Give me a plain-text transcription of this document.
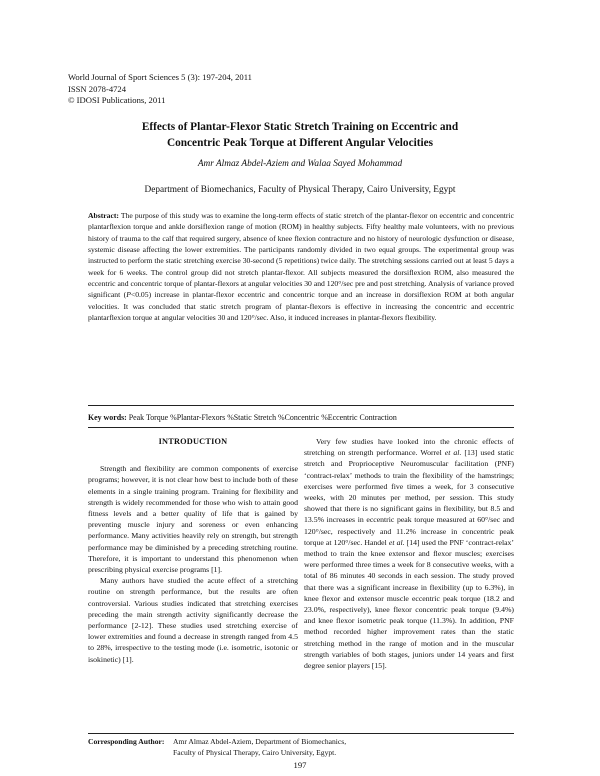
World Journal of Sport Sciences 5 (3): 197-204, 2011
ISSN 2078-4724
© IDOSI Publications, 2011
Effects of Plantar-Flexor Static Stretch Training on Eccentric and
Concentric Peak Torque at Different Angular Velocities
Amr Almaz Abdel-Aziem and Walaa Sayed Mohammad
Department of Biomechanics, Faculty of Physical Therapy, Cairo University, Egypt
Abstract: The purpose of this study was to examine the long-term effects of static stretch of the plantar-flexor on eccentric and concentric plantarflexion torque and ankle dorsiflexion range of motion (ROM) in healthy subjects. Fifty healthy male volunteers, with no previous history of trauma to the calf that required surgery, absence of knee flexion contracture and no history of neurologic dysfunction or disease, systemic disease affecting the lower extremities. The participants randomly divided in two equal groups. The experimental group was instructed to perform the static stretching exercise 30-second (5 repetitions) twice daily. The stretching sessions carried out at least 5 days a week for 6 weeks. The control group did not stretch plantar-flexor. All subjects measured the dorsiflexion ROM, also measured the eccentric and concentric torque of plantar-flexors at angular velocities 30 and 120°/sec pre and post stretching. Analysis of variance proved significant (P<0.05) increase in plantar-flexor eccentric and concentric torque and an increase in dorsiflexion ROM at both angular velocities. It was concluded that static stretch program of plantar-flexors is effective in increasing the concentric and eccentric plantarflexion torque at angular velocities 30 and 120°/sec. Also, it induced increases in plantar-flexors flexibility.
Key words: Peak Torque %Plantar-Flexors %Static Stretch %Concentric %Eccentric Contraction
INTRODUCTION

Strength and flexibility are common components of exercise programs; however, it is not clear how best to include both of these elements in a single training program. Training for flexibility and strength is widely recommended for those who wish to attain good fitness levels and a better quality of life that is gained by preventing muscle injury and soreness or even enhancing performance. Many activities heavily rely on strength, but strength performance may be diminished by a preceding stretching routine. Therefore, it is important to understand this phenomenon when prescribing physical exercise programs [1].

Many authors have studied the acute effect of a stretching routine on strength performance, but the results are often controversial. Various studies indicated that stretching exercises preceding the main strength activity significantly decrease the performance [2-12]. These studies used stretching exercise of lower extremities and found a decrease in strength ranged from 4.5 to 28%, irrespective to the testing mode (i.e. isometric, isotonic or isokinetic) [1].

Very few studies have looked into the chronic effects of stretching on strength performance. Worrel et al. [13] used static stretch and Proprioceptive Neuromuscular facilitation (PNF) ‘contract-relax’ methods to train the flexibility of the hamstrings; exercises were performed five times a week, for 3 consecutive weeks, with 20 minutes per method, per session. This study showed that there is no significant gains in flexibility, but 8.5 and 13.5% increases in eccentric peak torque measured at 60°/sec and 120°/sec, respectively and 11.2% increase in concentric peak torque at 120°/sec. Handel et al. [14] used the PNF ‘contract-relax’ method to train the knee extensor and flexor muscles; exercises were performed three times a week for 8 consecutive weeks, with a total of 86 minutes 40 seconds in each session. The study proved that there was a significant increase in flexibility (up to 6.3%), in knee flexor and extensor muscle eccentric peak torque (18.2 and 23.0%, respectively), knee flexor concentric peak torque (9.4%) and knee flexor isometric peak torque (11.3%). In addition, PNF method recorded higher improvement rates than the static stretching method in the range of motion and in the muscular strength variables of both stages, juniors under 14 years and first degree senior players [15].

Corresponding Author: Amr Almaz Abdel-Aziem, Department of Biomechanics,
Faculty of Physical Therapy, Cairo University, Egypt.
197
